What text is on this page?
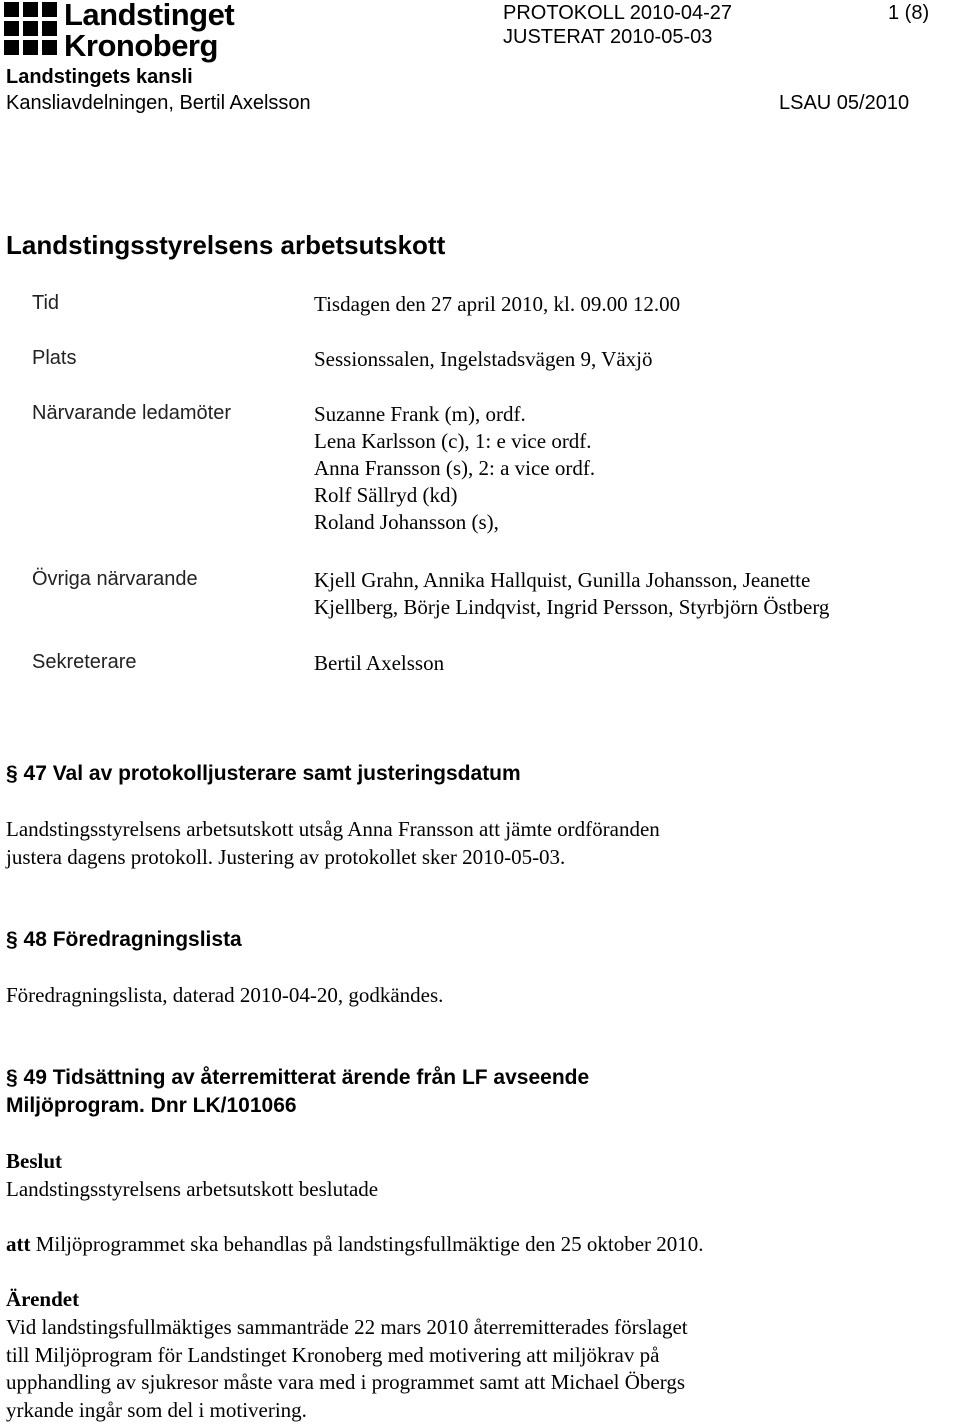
Landstinget
Kronoberg
PROTOKOLL 2010-04-27
JUSTERAT 2010-05-03
1 (8)
Landstingets kansli
Kansliavdelningen, Bertil Axelsson	LSAU 05/2010
Landstingsstyrelsens arbetsutskott
Tid	Tisdagen den 27 april 2010, kl. 09.00 12.00
Plats	Sessionssalen, Ingelstadsvägen 9, Växjö
Närvarande ledamöter	Suzanne Frank (m), ordf.
Lena Karlsson (c), 1: e vice ordf.
Anna Fransson (s), 2: a vice ordf.
Rolf Sällryd (kd)
Roland Johansson (s),
Övriga närvarande	Kjell Grahn, Annika Hallquist, Gunilla Johansson, Jeanette
Kjellberg, Börje Lindqvist, Ingrid Persson, Styrbjörn Östberg
Sekreterare	Bertil Axelsson
§ 47 Val av protokolljusterare samt justeringsdatum
Landstingsstyrelsens arbetsutskott utsåg Anna Fransson att jämte ordföranden
justera dagens protokoll. Justering av protokollet sker 2010-05-03.
§ 48 Föredragningslista
Föredragningslista, daterad 2010-04-20, godkändes.
§ 49 Tidsättning av återremitterat ärende från LF avseende
Miljöprogram. Dnr LK/101066
Beslut
Landstingsstyrelsens arbetsutskott beslutade
att Miljöprogrammet ska behandlas på landstingsfullmäktige den 25 oktober 2010.
Ärendet
Vid landstingsfullmäktiges sammanträde 22 mars 2010 återremitterades förslaget
till Miljöprogram för Landstinget Kronoberg med motivering att miljökrav på
upphandling av sjukresor måste vara med i programmet samt att Michael Öbergs
yrkande ingår som del i motivering.
